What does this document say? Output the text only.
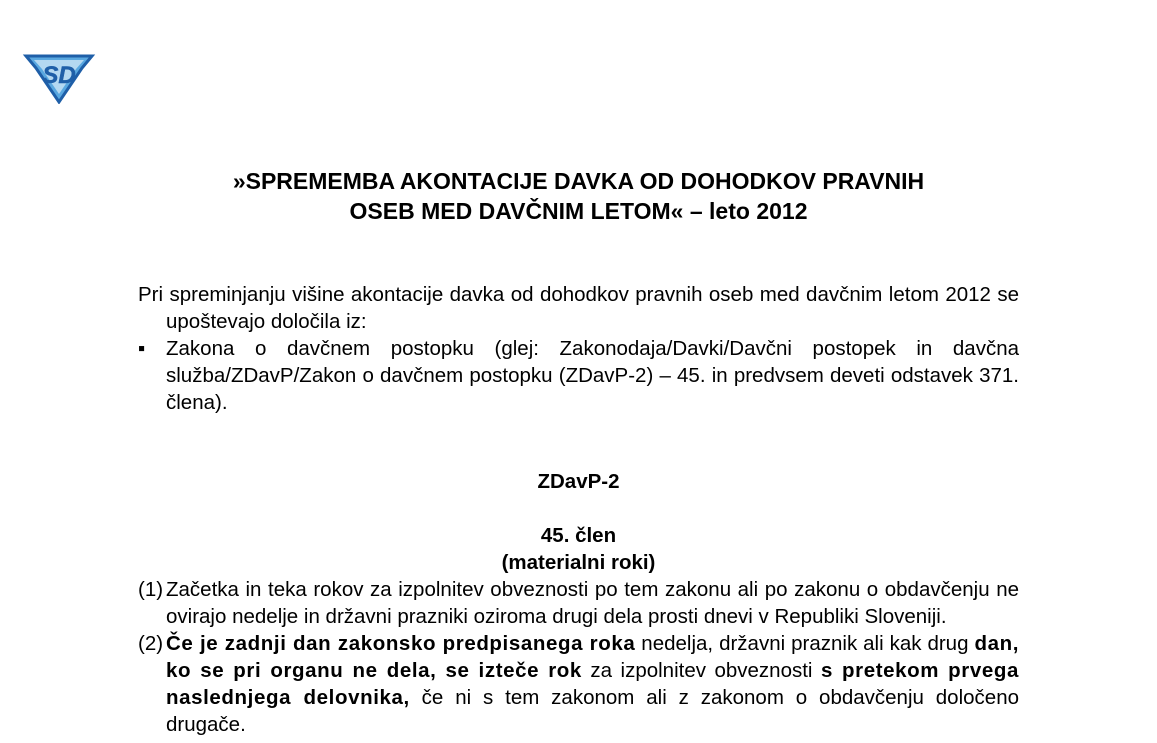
SD
»SPREMEMBA AKONTACIJE DAVKA OD DOHODKOV PRAVNIH
OSEB MED DAVČNIM LETOM« – leto 2012

Pri spreminjanju višine akontacije davka od dohodkov pravnih oseb med davčnim letom 2012 se upoštevajo določila iz:

▪ Zakona o davčnem postopku (glej: Zakonodaja/Davki/Davčni postopek in davčna služba/ZDavP/Zakon o davčnem postopku (ZDavP-2) – 45. in predvsem deveti odstavek 371. člena).
ZDavP-2
45. člen
(materialni roki)
(1) Začetka in teka rokov za izpolnitev obveznosti po tem zakonu ali po zakonu o obdavčenju ne ovirajo nedelje in državni prazniki oziroma drugi dela prosti dnevi v Republiki Sloveniji.
(2) Če je zadnji dan zakonsko predpisanega roka nedelja, državni praznik ali kak drug dan, ko se pri organu ne dela, se izteče rok za izpolnitev obveznosti s pretekom prvega naslednjega delovnika, če ni s tem zakonom ali z zakonom o obdavčenju določeno drugače.
